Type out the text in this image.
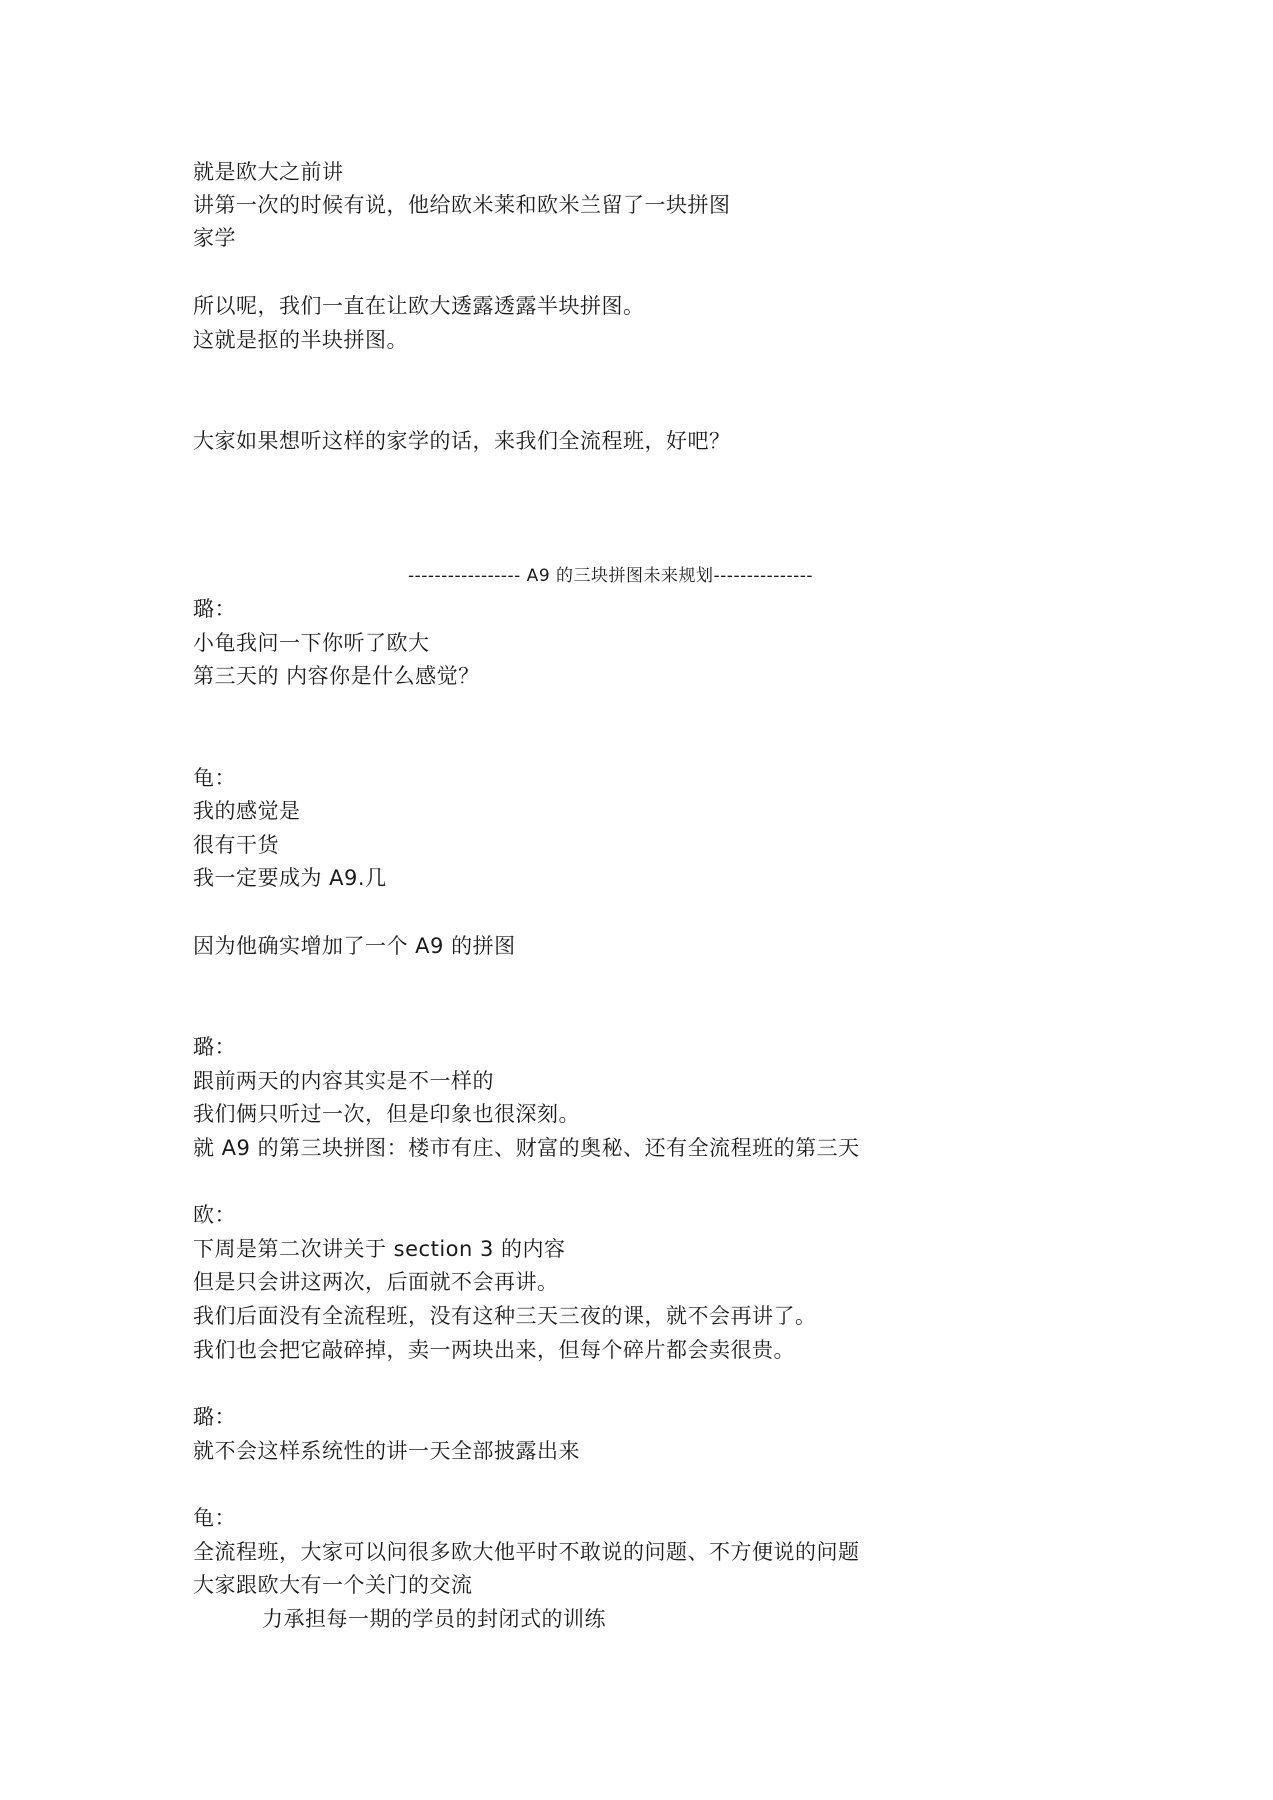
就是欧大之前讲
讲第一次的时候有说，他给欧米莱和欧米兰留了一块拼图
家学
所以呢，我们一直在让欧大透露透露半块拼图。
这就是抠的半块拼图。
大家如果想听这样的家学的话，来我们全流程班，好吧？
----------------- A9 的三块拼图未来规划---------------
璐：
小龟我问一下你听了欧大
第三天的 内容你是什么感觉？
龟：
我的感觉是
很有干货
我一定要成为 A9.几
因为他确实增加了一个 A9 的拼图
璐：
跟前两天的内容其实是不一样的
我们俩只听过一次，但是印象也很深刻。
就 A9 的第三块拼图：楼市有庄、财富的奥秘、还有全流程班的第三天
欧：
下周是第二次讲关于 section 3 的内容
但是只会讲这两次，后面就不会再讲。
我们后面没有全流程班，没有这种三天三夜的课，就不会再讲了。
我们也会把它敲碎掉，卖一两块出来，但每个碎片都会卖很贵。
璐：
就不会这样系统性的讲一天全部披露出来
龟：
全流程班，大家可以问很多欧大他平时不敢说的问题、不方便说的问题
大家跟欧大有一个关门的交流
力承担每一期的学员的封闭式的训练
